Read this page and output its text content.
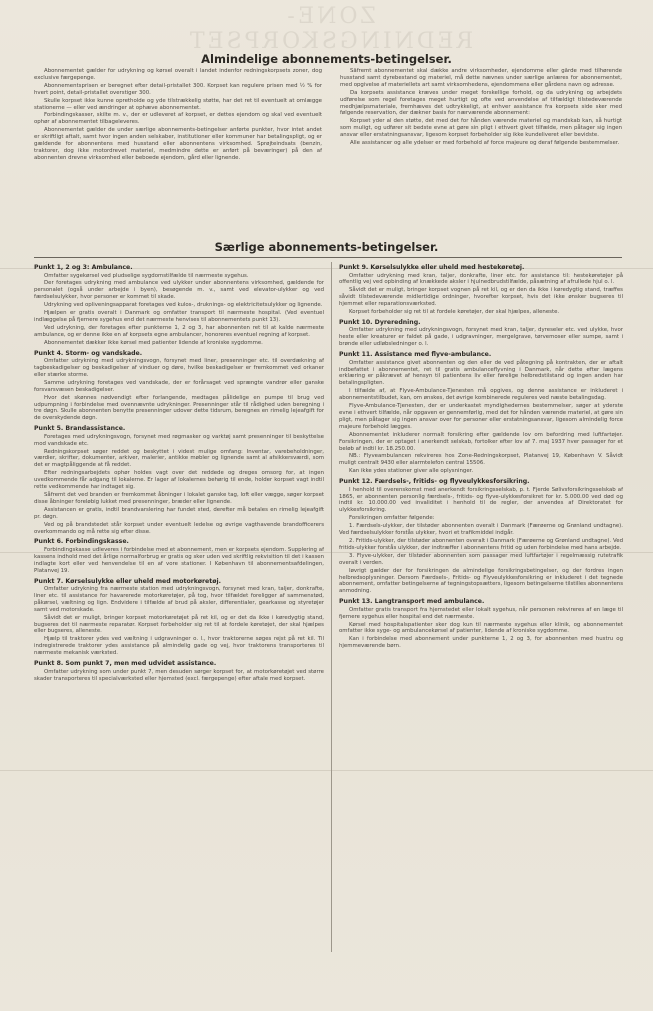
ZONE-REDNINGSKORPSET
Almindelige abonnements-betingelser.

Abonnementet gælder for udrykning og kørsel overalt i landet indenfor redningskorpsets zoner, dog exclusive færgepenge.

Abonnementsprisen er beregnet efter detail-pristallet 300. Korpset kan regulere prisen med ½ % for hvert point, detail-pristallet overstiger 300.

Skulle korpset ikke kunne opretholde og yde tilstrækkelig støtte, har det ret til eventuelt at omlægge stationerne — eller ved ændringer at ophæve abonnementet.

Forbindingskasser, skilte m. v., der er udleveret af korpset, er dettes ejendom og skal ved eventuelt ophør af abonnementet tilbageleveres.

Abonnementet gælder de under særlige abonnements-betingelser anførte punkter, hvor intet andet er skriftligt aftalt, samt hvor ingen anden selskaber, institutioner eller kommuner har betalingspligt, og er gældende for abonnentens med husstand eller abonnentens virksomhed. Sprøjteindsats (benzin, traktorer, dog ikke motordrevet materiel, medmindre dette er anført på beværinger) på den af abonnenten drevne virksomhed eller beboede ejendom, gård eller lignende.

Såfremt abonnementet skal dække andre virksomheder, ejendomme eller gårde med tilhørende husstand samt dyrebestand og materiel, må dette nævnes under særlige anlæres for abonnementet, med opgivelse af materiellets art samt virksomhedens, ejendommens eller gårdens navn og adresse.

Da korpsets assistance kræves under meget forskellige forhold, og da udrykning og arbejdets udførelse som regel foretages meget hurtigt og ofte ved anvendelse af tilfældigt tilstedeværende medhjælpsmateriale, fremhæves det udtrykkeligt, at enhver assistance fra korpsets side sker med følgende reservation, der dækner basis for nærværende abonnement:

Korpset yder al den støtte, det med det for hånden værende materiel og mandskab kan, så hurtigt som muligt, og udfører sit bedste evne at gøre sin pligt i ethvert givet tilfælde, men påtager sig ingen ansvar eller erstatningsansvar, ligesom korpset forbeholder sig ikke kundeliveret eller bevidste.

Alle assistancer og alle ydelser er med forbehold af force majeure og deraf følgende bestemmelser.

Særlige abonnements-betingelser.
Punkt 1, 2 og 3: Ambulance.

Omfatter sygekørsel ved pludselige sygdomstilfælde til nærmeste sygehus.

Der foretages udrykning med ambulance ved ulykker under abonnentens virksomhed, gældende for personalet (også under arbejde i byen), besøgende m. v., samt ved elevator-ulykker og ved færdselsulykker, hvor personer er kommet til skade.

Udrykning ved opliveningsapparat foretages ved kulos-, druknings- og elektricitetsulykker og lignende.

Hjælpen er gratis overalt i Danmark og omfatter transport til nærmeste hospital. (Ved eventuel indlæggelse på fjernere sygehus end det nærmeste henvises til abonnementets punkt 13).

Ved udrykning, der foretages efter punkterne 1, 2 og 3, har abonnenten ret til at kalde nærmeste ambulance, og er denne ikke en af korpsets egne ambulancer, honoreres eventuel regning af korpset.

Abonnementet dækker ikke kørsel med patienter lidende af kroniske sygdomme.

Punkt 4. Storm- og vandskade.

Omfatter udrykning med udrykningsvogn, forsynet med liner, presenninger etc. til overdækning af tagbeskadigelser og beskadigelser af vinduer og døre, hvilke beskadigelser er fremkommet ved orkaner eller stærke storme.

Samme udrykning foretages ved vandskade, der er forårsaget ved sprængte vandrør eller ganske forsvarsvæsen beskadigelser.

Hvor det skønnes nødvendigt efter forlangende, medtages pålidelige en pumpe til brug ved udpumpning i forbindelse med ovennævnte udrykninger. Presenninger står til rådighed uden beregning i tre døgn. Skulle abonnenten benytte presenninger udover dette tidsrum, beregnes en rimelig lejeafgift for de overskydende døgn.

Punkt 5. Brandassistance.

Foretages med udrykningsvogn, forsynet med røgmasker og varktøj samt presenninger til beskyttelse mod vandskade etc.

Redningskorpset søger reddet og beskyttet i videst mulige omfang: Inventar, varebeholdninger, værdier, skrifter, dokumenter, arkiver, malerier, antikke møbler og lignende samt al afsikkersværdi, som det er magtpåliggende at få reddet.

Efter redningsarbejdets ophør holdes vagt over det reddede og dreges omsorg for, at ingen uvedkommende får adgang til lokalerne. Er lager af lokalernes behørig til ende, holder korpset vagt indtil rette vedkommende har indtaget sig.

Såfremt det ved branden er fremkommet åbninger i lokalet ganske tag, loft eller vægge, søger korpset disse åbninger foreløbig lukket med presenninger, bræder eller lignende.

Assistancen er gratis, indtil brandvarslering har fundet sted, derefter må betales en rimelig lejeafgift pr. døgn.

Ved og på brandstedet står korpset under eventuelt ledelse og øvrige vagthavende brandofficerers overkommando og må rette sig efter disse.

Punkt 6. Forbindingskasse.

Forbindingskasse udleveres i forbindelse med et abonnement, men er korpsets ejendom. Supplering af kassens indhold med det årlige normalforbrug er gratis og sker uden ved skriftlig rekvisition til det i kassen indlagte kort eller ved henvendelse til en af vore stationer. I København til abonnementsafdelingen, Platanvej 19.

Punkt 7. Kørselsulykke eller uheld med motorkøretøj.

Omfatter udrykning fra nærmeste station med udrykningsvogn, forsynet med kran, taljer, donkrafte, liner etc. til assistance for havarerede motorkøretøjer, på tog, hvor tilfældet foreligger af sammenstød, påkørsel, væltning og lign. Endvidere i tilfælde af brud på aksler, differentialer, gearkasse og styretøjer samt ved motorskade.

Såvidt det er muligt, bringer korpset motorkøretøjet på ret kil, og er det da ikke i køredygtig stand, bugseres det til nærmeste reparatør. Korpset forbeholder sig ret til at fordele køretøjet, der skal hjælpes eller bugseres, alleneste.

Hjælp til traktorer ydes ved væltning i udgravninger o. l., hvor traktorerne søges rejst på ret kil. Til indregistrerede traktorer ydes assistance på almindelig gade og vej, hvor traktorens transporteres til nærmeste mekanisk værksted.

Punkt 8. Som punkt 7, men med udvidet assistance.

Omfatter udrykning som under punkt 7, men desuden sørger korpset for, at motorkøretøjet ved større skader transporteres til specialværksted eller hjemsted (excl. færgepenge) efter aftale med korpset.

Punkt 9. Kørselsulykke eller uheld med hestekøretøj.

Omfatter udrykning med kran, taljer, donkrafte, liner etc. for assistance til: hestekøretøjer på offentlig vej ved opbinding af knækkede aksler i hjulnedbrudstilfælde, påsætning af afrullede hjul o. l.

Såvidt det er muligt, bringer korpset vognen på ret kil, og er den da ikke i køredygtig stand, træffes såvidt tilstedeværende midlertidige ordninger, hvorefter korpset, hvis det ikke ønsker bugseres til hjemmet eller reparationsværksted.

Korpset forbeholder sig ret til at fordele køretøjer, der skal hjælpes, alleneste.

Punkt 10. Dyreredning.

Omfatter udrykning med udrykningsvogn, forsynet med kran, taljer, dyreseler etc. ved ulykke, hvor heste eller kreaturer er faldet på gade, i udgravninger, mergelgrave, tørvemoser eller sumpe, samt i brønde eller udløbsledninger o. l.

Punkt 11. Assistance med flyve-ambulance.

Omfatter assistance givet abonnenten og den eller de ved påtegning på kontrakten, der er aftalt indbefattet i abonnementet, ret til gratis ambulanceflyvning i Danmark, når dette efter lægens erklæring er påkrævet af hensyn til patientens liv eller førelige helbredstilstand og ingen anden har betalingspligten.

I tilfælde af, at Flyve-Ambulance-Tjenesten må opgives, og denne assistance er inkluderet i abonnementstilbudet, kan, om ønskes, det øvrige kombinerede reguleres ved næste betalingsdag.

Flyve-Ambulance-Tjenesten, der er underkastet myndighedernes bestemmelser, søger at yderste evne i ethvert tilfælde, når opgaven er gennemførlig, med det for hånden værende materiel, at gøre sin pligt, men påtager sig ingen ansvar over for personer eller erstatningsansvar, ligesom almindelig force majeure forbehold lægges.

Abonnementet inkluderer normalt forsikring efter gældende lov om befordring med luftfartøjer. Forsikringen, der er optaget i anerkendt selskab, fortolker efter lov af 7. maj 1937 hver passager for et beløb af indtil kr. 18.250.00.

NB.: Flyveambulancen rekvireres hos Zone-Redningskorpset, Platanvej 19, København V. Såvidt muligt centralt 9430 eller alarmtelefon central 15506.

Kan ikke ydes stationer giver alle oplysninger.

Punkt 12. Færdsels-, fritids- og flyveulykkesforsikring.

I henhold til overenskomst med anerkendt forsikringsselskab, p. t. Fjerde Sølivsforsikringsselskab af 1865, er abonnenten personlig færdsels-, fritids- og flyve-ulykkesforsikret for kr. 5.000.00 ved død og indtil kr. 10.000.00 ved invaliditet i henhold til de regler, der anvendes af Direktoratet for ulykkesforsikring.

Forsikringen omfatter følgende:

1. Færdsels-ulykker, der tilstøder abonnenten overalt i Danmark (Færøerne og Grønland undtagne). Ved færdselsulykker forstås ulykker, hvori et trafikmiddel indgår.

2. Fritids-ulykker, der tilstøder abonnenten overalt i Danmark (Færøerne og Grønland undtagne). Ved fritids-ulykker forstås ulykker, der indtræffer i abonnentens fritid og uden forbindelse med hans arbejde.

3. Flyve-ulykker, der tilstøder abonnenten som passager med luftfartøjer i regelmæssig rutetrafik overalt i verden.

Iøvrigt gælder der for forsikringen de almindelige forsikringsbetingelser, og der fordres ingen helbredsoplysninger. Dersom Færdsels-, Fritids- og Flyveulykkesforsikring er inkluderet i det tegnede abonnement, omfatter betingelserne af tegningstopsætters, ligesom betingelserne tilstilles abonnentens anmodning.

Punkt 13. Langtransport med ambulance.

Omfatter gratis transport fra hjemstedet eller lokalt sygehus, når personen rekvireres af en læge til fjernere sygehus eller hospital end det nærmeste.

Kørsel med hospitalspatienter sker dog kun til nærmeste sygehus eller klinik, og abonnementet omfatter ikke syge- og ambulancekørsel af patienter, lidende af kroniske sygdomme.

Kan i forbindelse med abonnement under punkterne 1, 2 og 3, for abonnenten med hustru og hjemmeværende børn.
